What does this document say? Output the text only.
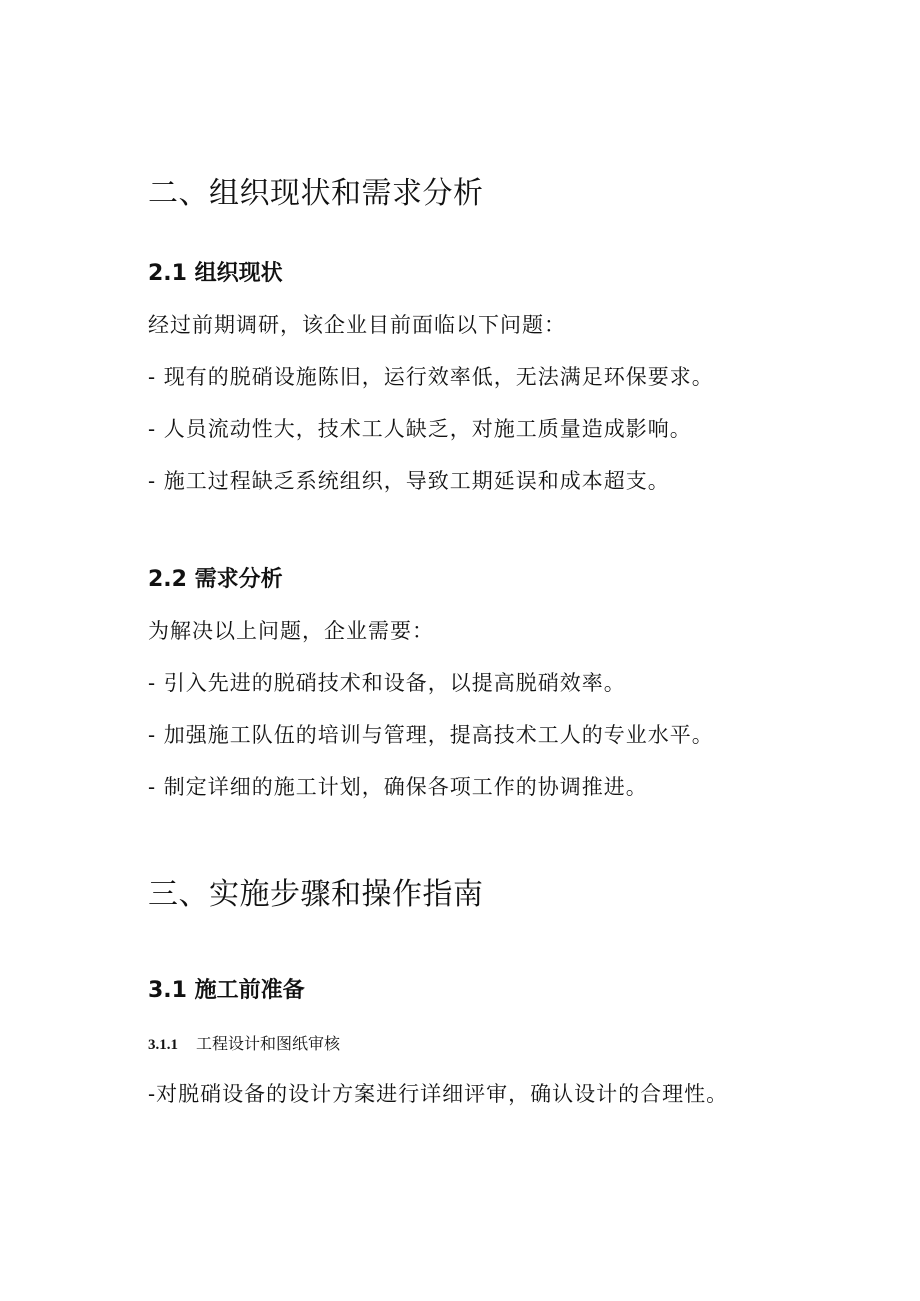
二、组织现状和需求分析
2.1 组织现状

经过前期调研，该企业目前面临以下问题：

- 现有的脱硝设施陈旧，运行效率低，无法满足环保要求。

- 人员流动性大，技术工人缺乏，对施工质量造成影响。

- 施工过程缺乏系统组织，导致工期延误和成本超支。

2.2 需求分析

为解决以上问题，企业需要：

- 引入先进的脱硝技术和设备，以提高脱硝效率。

- 加强施工队伍的培训与管理，提高技术工人的专业水平。

- 制定详细的施工计划，确保各项工作的协调推进。

三、实施步骤和操作指南
3.1 施工前准备
3.1.1 工程设计和图纸审核

-对脱硝设备的设计方案进行详细评审，确认设计的合理性。
